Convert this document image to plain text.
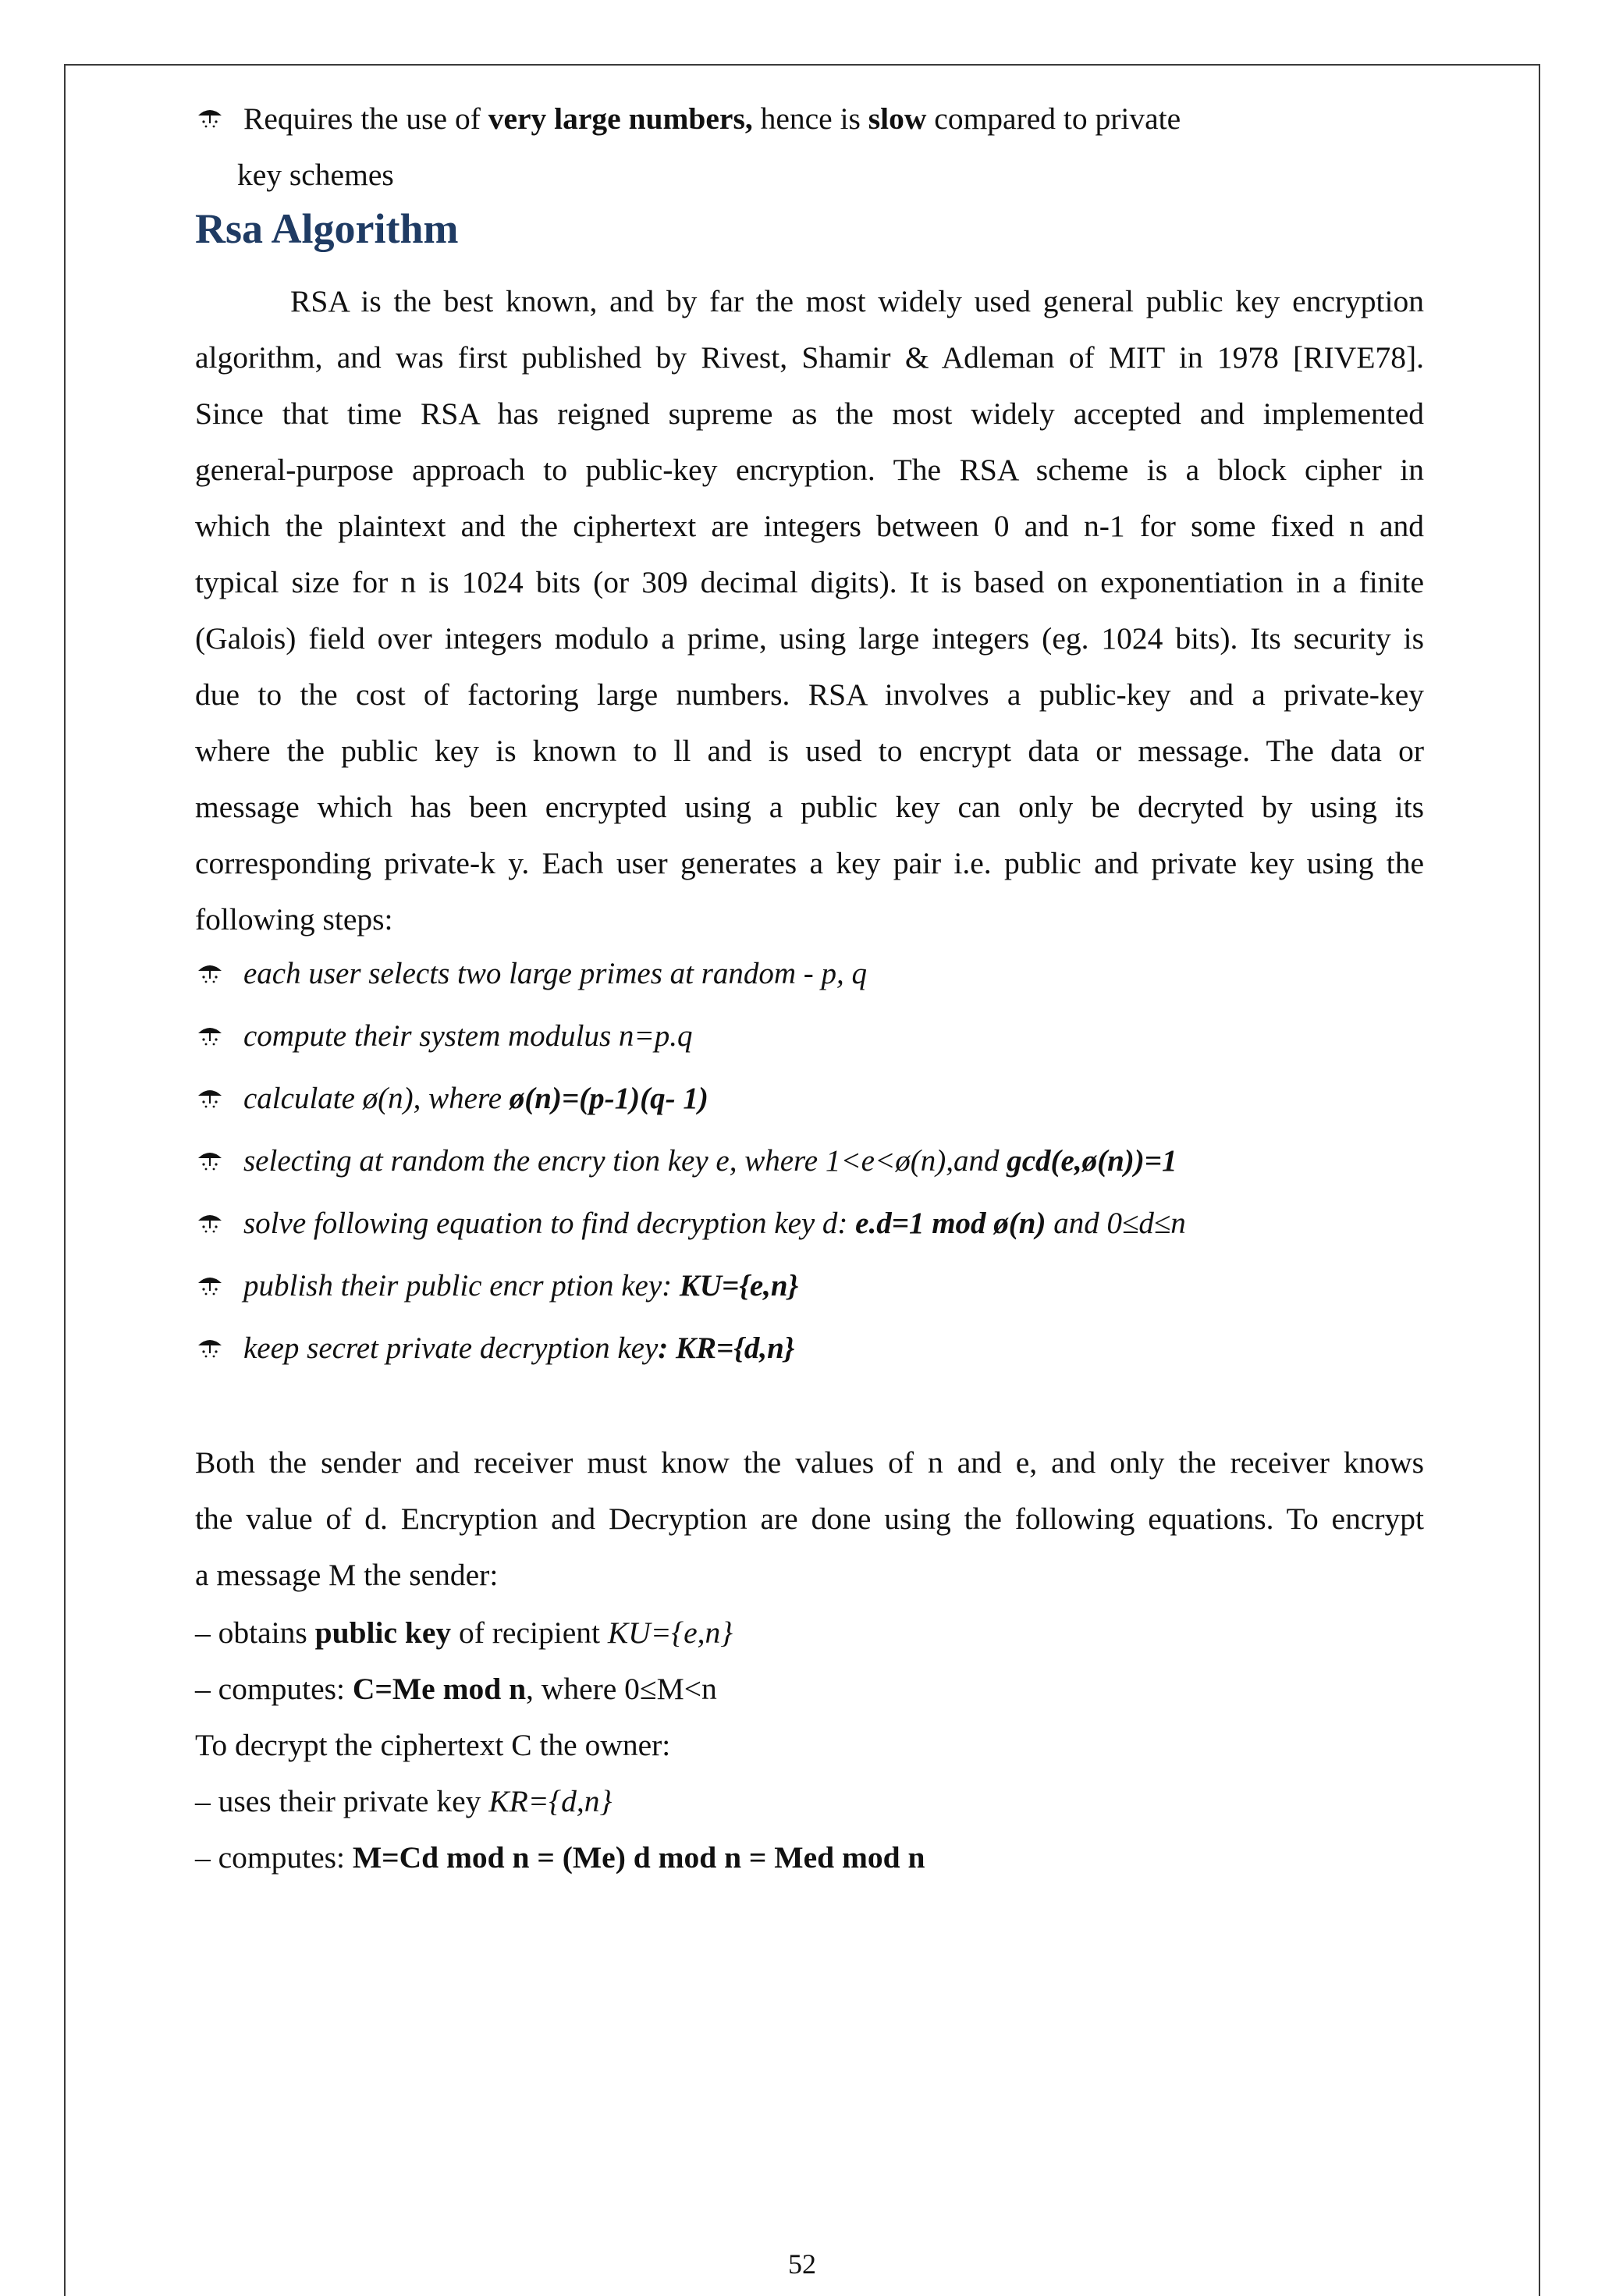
Requires the use of very large numbers, hence is slow compared to private
key schemes
Rsa Algorithm
RSA is the best known, and by far the most widely used general public key encryption
algorithm, and was first published by Rivest, Shamir & Adleman of MIT in 1978 [RIVE78].
Since that time RSA has reigned supreme as the most widely accepted and implemented
general-purpose approach to public-key encryption. The RSA scheme is a block cipher in
which the plaintext and the ciphertext are integers between 0 and n-1 for some fixed n and
typical size for n is 1024 bits (or 309 decimal digits). It is based on exponentiation in a finite
(Galois) field over integers modulo a prime, using large integers (eg. 1024 bits). Its security is
due to the cost of factoring large numbers. RSA involves a public-key and a private-key
where the public key is known to ll and is used to encrypt data or message. The data or
message which has been encrypted using a public key can only be decryted by using its
corresponding private-k y. Each user generates a key pair i.e. public and private key using the
following steps:
each user selects two large primes at random - p, q
compute their system modulus n=p.q
calculate ø(n), where ø(n)=(p-1)(q- 1)
selecting at random the encry tion key e, where 1<e<ø(n),and gcd(e,ø(n))=1
solve following equation to find decryption key d: e.d=1 mod ø(n) and 0≤d≤n
publish their public encr ption key: KU={e,n}
keep secret private decryption key: KR={d,n}
Both the sender and receiver must know the values of n and e, and only the receiver knows
the value of d. Encryption and Decryption are done using the following equations. To encrypt
a message M the sender:
– obtains public key of recipient KU={e,n}
– computes: C=Me mod n, where 0≤M<n
To decrypt the ciphertext C the owner:
– uses their private key KR={d,n}
– computes: M=Cd mod n = (Me) d mod n = Med mod n
52
